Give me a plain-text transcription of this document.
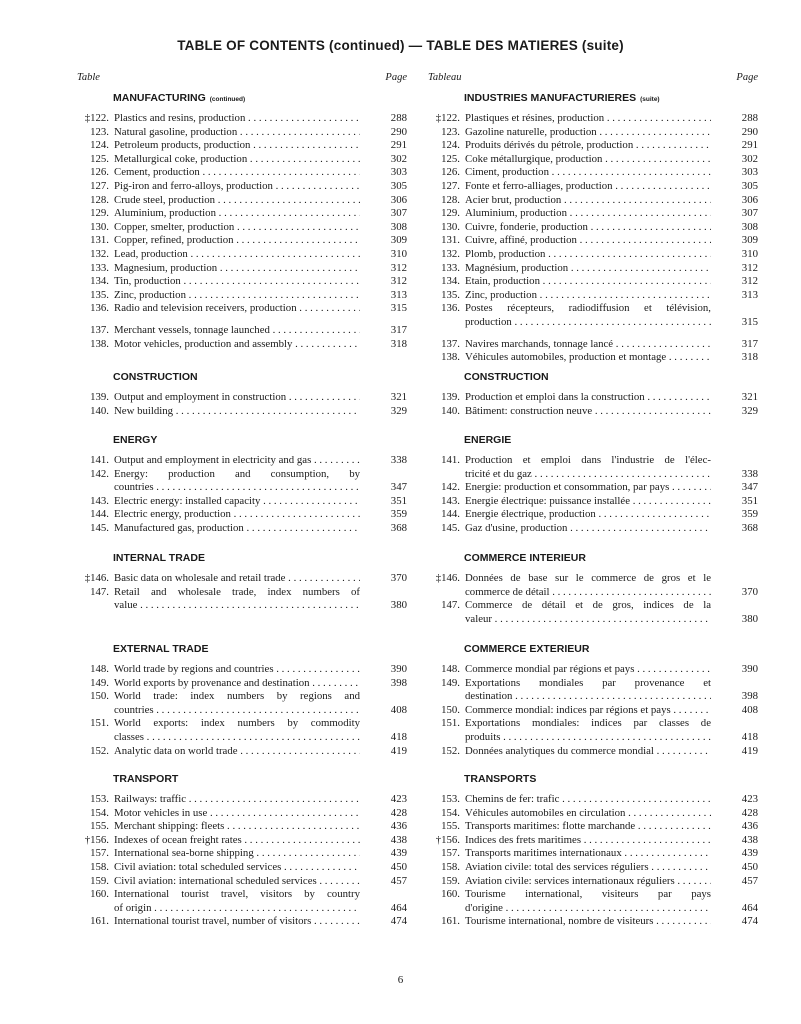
TABLE OF CONTENTS (continued) — TABLE DES MATIERES (suite)
Table	Page
MANUFACTURING (continued)
‡122. Plastics and resins, production . . .	288
123. Natural gasoline, production . . .	290
124. Petroleum products, production . . .	291
125. Metallurgical coke, production . . .	302
126. Cement, production . . .	303
127. Pig-iron and ferro-alloys, production . . .	305
128. Crude steel, production . . .	306
129. Aluminium, production . . .	307
130. Copper, smelter, production . . .	308
131. Copper, refined, production . . .	309
132. Lead, production . . .	310
133. Magnesium, production . . .	312
134. Tin, production . . .	312
135. Zinc, production . . .	313
136. Radio and television receivers, production . . .	315
137. Merchant vessels, tonnage launched . . .	317
138. Motor vehicles, production and assembly . . .	318
CONSTRUCTION
139. Output and employment in construction . . .	321
140. New building . . .	329
ENERGY
141. Output and employment in electricity and gas . . .	338
142. Energy: production and consumption, by
countries . . .	347
143. Electric energy: installed capacity . . .	351
144. Electric energy, production . . .	359
145. Manufactured gas, production . . .	368
INTERNAL TRADE
‡146. Basic data on wholesale and retail trade . . .	370
147. Retail and wholesale trade, index numbers of
value . . .	380
EXTERNAL TRADE
148. World trade by regions and countries . . .	390
149. World exports by provenance and destination . . .	398
150. World trade: index numbers by regions and
countries . . .	408
151. World exports: index numbers by commodity
classes . . .	418
152. Analytic data on world trade . . .	419
TRANSPORT
153. Railways: traffic . . .	423
154. Motor vehicles in use . . .	428
155. Merchant shipping: fleets . . .	436
†156. Indexes of ocean freight rates . . .	438
157. International sea-borne shipping . . .	439
158. Civil aviation: total scheduled services . . .	450
159. Civil aviation: international scheduled services . . .	457
160. International tourist travel, visitors by country
of origin . . .	464
161. International tourist travel, number of visitors . . .	474
Tableau	Page
INDUSTRIES MANUFACTURIERES (suite)
‡122. Plastiques et résines, production . . .	288
123. Gazoline naturelle, production . . .	290
124. Produits dérivés du pétrole, production . . .	291
125. Coke métallurgique, production . . .	302
126. Ciment, production . . .	303
127. Fonte et ferro-alliages, production . . .	305
128. Acier brut, production . . .	306
129. Aluminium, production . . .	307
130. Cuivre, fonderie, production . . .	308
131. Cuivre, affiné, production . . .	309
132. Plomb, production . . .	310
133. Magnésium, production . . .	312
134. Etain, production . . .	312
135. Zinc, production . . .	313
136. Postes récepteurs, radiodiffusion et télévision,
production . . .	315
137. Navires marchands, tonnage lancé . . .	317
138. Véhicules automobiles, production et montage . . .	318
CONSTRUCTION
139. Production et emploi dans la construction . . .	321
140. Bâtiment: construction neuve . . .	329
ENERGIE
141. Production et emploi dans l'industrie de l'élec-
tricité et du gaz . . .	338
142. Energie: production et consommation, par pays . . .	347
143. Energie électrique: puissance installée . . .	351
144. Energie électrique, production . . .	359
145. Gaz d'usine, production . . .	368
COMMERCE INTERIEUR
‡146. Données de base sur le commerce de gros et le
commerce de détail . . .	370
147. Commerce de détail et de gros, indices de la
valeur . . .	380
COMMERCE EXTERIEUR
148. Commerce mondial par régions et pays . . .	390
149. Exportations mondiales par provenance et
destination . . .	398
150. Commerce mondial: indices par régions et pays . . .	408
151. Exportations mondiales: indices par classes de
produits . . .	418
152. Données analytiques du commerce mondial . . .	419
TRANSPORTS
153. Chemins de fer: trafic . . .	423
154. Véhicules automobiles en circulation . . .	428
155. Transports maritimes: flotte marchande . . .	436
†156. Indices des frets maritimes . . .	438
157. Transports maritimes internationaux . . .	439
158. Aviation civile: total des services réguliers . . .	450
159. Aviation civile: services internationaux réguliers . . .	457
160. Tourisme international, visiteurs par pays
d'origine . . .	464
161. Tourisme international, nombre de visiteurs . . .	474
6
